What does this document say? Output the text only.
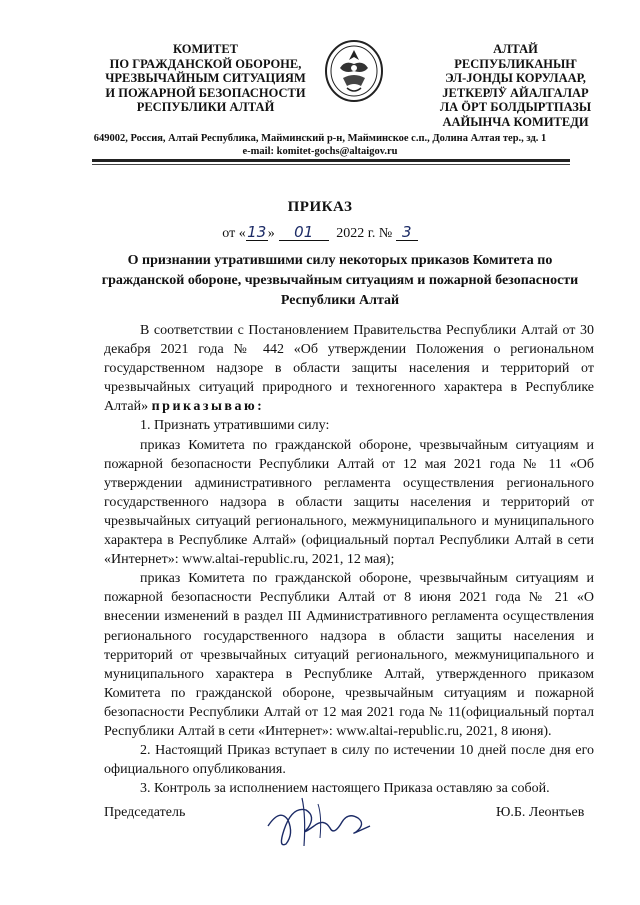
КОМИТЕТ
ПО ГРАЖДАНСКОЙ ОБОРОНЕ,
ЧРЕЗВЫЧАЙНЫМ СИТУАЦИЯМ
И ПОЖАРНОЙ БЕЗОПАСНОСТИ
РЕСПУБЛИКИ АЛТАЙ
АЛТАЙ
РЕСПУБЛИКАНЫҤ
ЭЛ-ЈОНДЫ КОРУЛААР,
ЈЕТКЕРЛӰ АЙАЛГАЛАР
ЛА ӦРТ БОЛДЫРТПАЗЫ
ААЙЫНЧА КОМИТЕДИ
649002, Россия, Алтай Республика, Майминский р-н, Майминское с.п., Долина Алтая тер., зд. 1
e-mail: komitet-gochs@altaigov.ru
ПРИКАЗ
от «13» 01 2022 г. № 3
О признании утратившими силу некоторых приказов Комитета по гражданской обороне, чрезвычайным ситуациям и пожарной безопасности Республики Алтай

В соответствии с Постановлением Правительства Республики Алтай от 30 декабря 2021 года № 442 «Об утверждении Положения о региональном государственном надзоре в области защиты населения и территорий от чрезвычайных ситуаций природного и техногенного характера в Республике Алтай» приказываю:

1. Признать утратившими силу:

приказ Комитета по гражданской обороне, чрезвычайным ситуациям и пожарной безопасности Республики Алтай от 12 мая 2021 года № 11 «Об утверждении административного регламента осуществления регионального государственного надзора в области защиты населения и территорий от чрезвычайных ситуаций регионального, межмуниципального и муниципального характера в Республике Алтай» (официальный портал Республики Алтай в сети «Интернет»: www.altai-republic.ru, 2021, 12 мая);

приказ Комитета по гражданской обороне, чрезвычайным ситуациям и пожарной безопасности Республики Алтай от 8 июня 2021 года № 21 «О внесении изменений в раздел III Административного регламента осуществления регионального государственного надзора в области защиты населения и территорий от чрезвычайных ситуаций регионального, межмуниципального и муниципального характера в Республике Алтай, утвержденного приказом Комитета по гражданской обороне, чрезвычайным ситуациям и пожарной безопасности Республики Алтай от 12 мая 2021 года № 11(официальный портал Республики Алтай в сети «Интернет»: www.altai-republic.ru, 2021, 8 июня).

2. Настоящий Приказ вступает в силу по истечении 10 дней после дня его официального опубликования.

3. Контроль за исполнением настоящего Приказа оставляю за собой.

Председатель	Ю.Б. Леонтьев
